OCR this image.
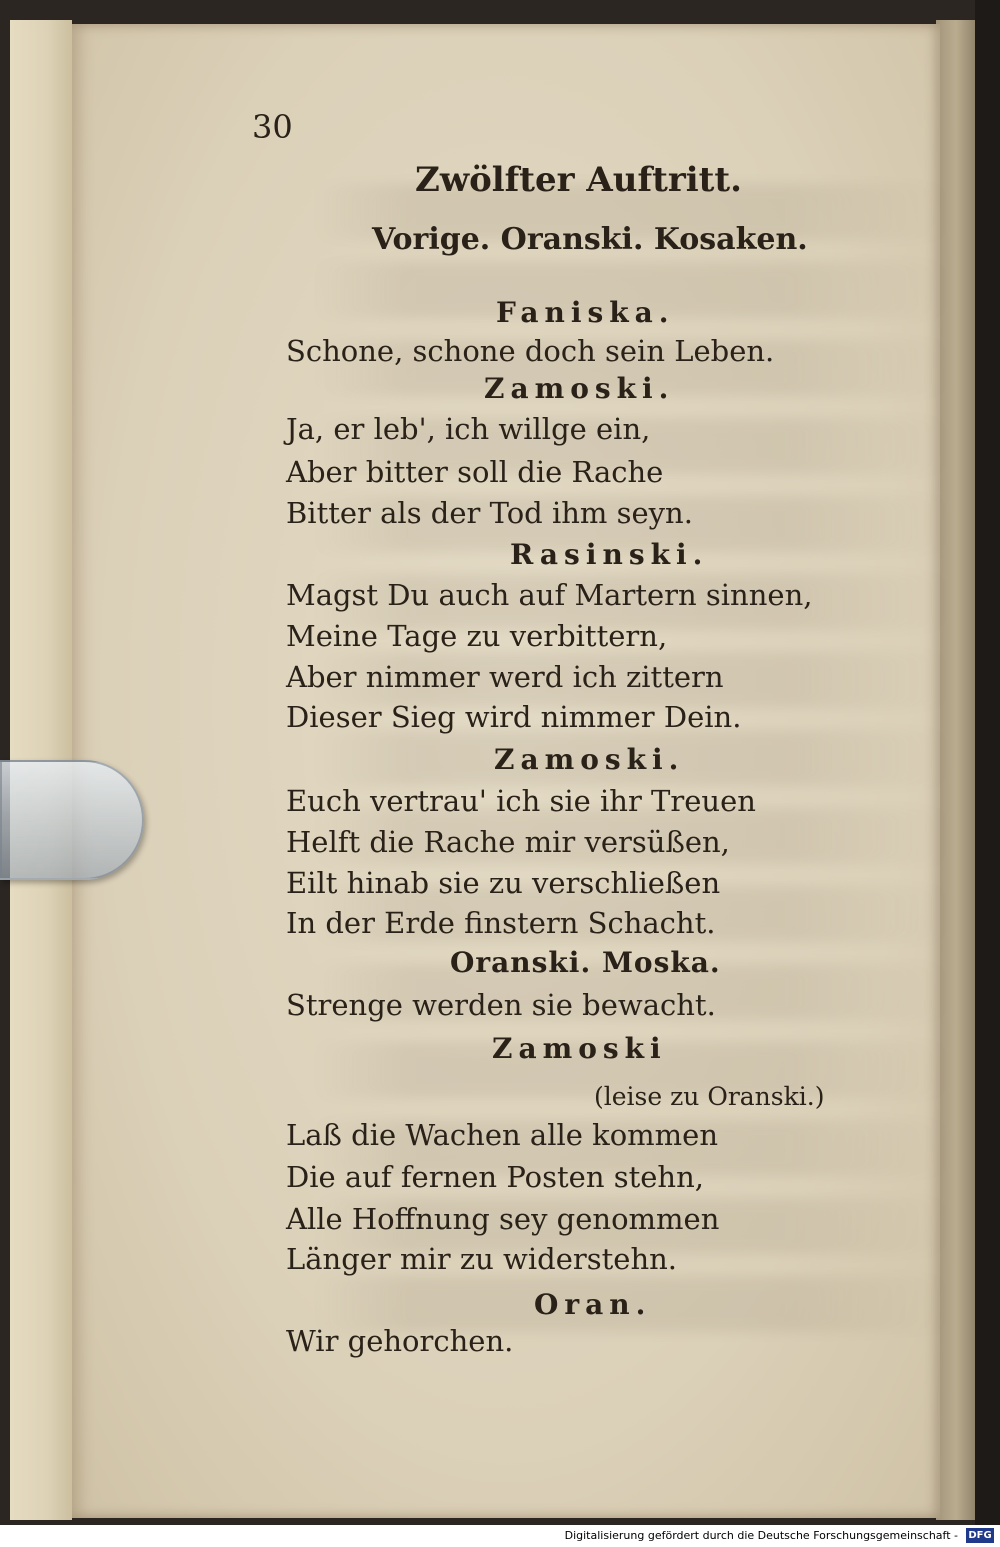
30
Zwölfter Auftritt.
Vorige. Oranski. Kosaken.
Faniska.
Schone, schone doch sein Leben.
Zamoski.
Ja, er leb', ich willge ein,
Aber bitter soll die Rache
Bitter als der Tod ihm seyn.
Rasinski.
Magst Du auch auf Martern sinnen,
Meine Tage zu verbittern,
Aber nimmer werd ich zittern
Dieser Sieg wird nimmer Dein.
Zamoski.
Euch vertrau' ich sie ihr Treuen
Helft die Rache mir versüßen,
Eilt hinab sie zu verschließen
In der Erde finstern Schacht.
Oranski. Moska.
Strenge werden sie bewacht.
Zamoski
(leise zu Oranski.)
Laß die Wachen alle kommen
Die auf fernen Posten stehn,
Alle Hoffnung sey genommen
Länger mir zu widerstehn.
Oran.
Wir gehorchen.
Digitalisierung gefördert durch die Deutsche Forschungsgemeinschaft - DFG
